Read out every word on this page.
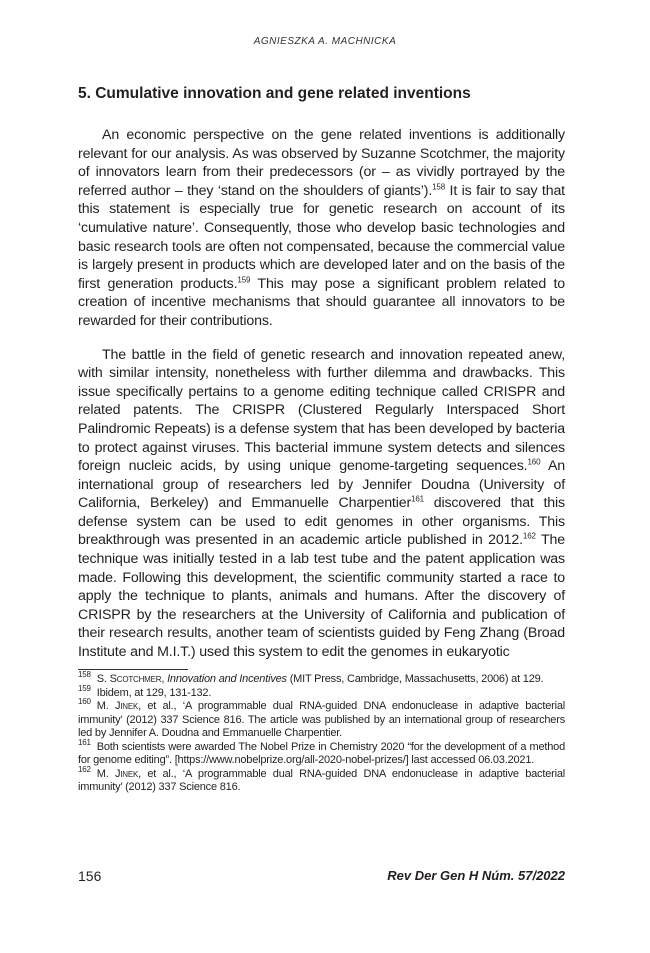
AGNIESZKA A. MACHNICKA
5. Cumulative innovation and gene related inventions

An economic perspective on the gene related inventions is additionally relevant for our analysis. As was observed by Suzanne Scotchmer, the majority of innovators learn from their predecessors (or – as vividly portrayed by the referred author – they ‘stand on the shoulders of giants’).$^{158}$ It is fair to say that this statement is especially true for genetic research on account of its ‘cumulative nature’. Consequently, those who develop basic technologies and basic research tools are often not compensated, because the commercial value is largely present in products which are developed later and on the basis of the first generation products.$^{159}$ This may pose a significant problem related to creation of incentive mechanisms that should guarantee all innovators to be rewarded for their contributions.

The battle in the field of genetic research and innovation repeated anew, with similar intensity, nonetheless with further dilemma and drawbacks. This issue specifically pertains to a genome editing technique called CRISPR and related patents. The CRISPR (Clustered Regularly Interspaced Short Palindromic Repeats) is a defense system that has been developed by bacteria to protect against viruses. This bacterial immune system detects and silences foreign nucleic acids, by using unique genome-targeting sequences.$^{160}$ An international group of researchers led by Jennifer Doudna (University of California, Berkeley) and Emmanuelle Charpentier$^{161}$ discovered that this defense system can be used to edit genomes in other organisms. This breakthrough was presented in an academic article published in 2012.$^{162}$ The technique was initially tested in a lab test tube and the patent application was made. Following this development, the scientific community started a race to apply the technique to plants, animals and humans. After the discovery of CRISPR by the researchers at the University of California and publication of their research results, another team of scientists guided by Feng Zhang (Broad Institute and M.I.T.) used this system to edit the genomes in eukaryotic

$^{158}$ S. Scotchmer, Innovation and Incentives (MIT Press, Cambridge, Massachusetts, 2006) at 129.

$^{159}$ Ibidem, at 129, 131-132.

$^{160}$ M. Jinek, et al., ‘A programmable dual RNA-guided DNA endonuclease in adaptive bacterial immunity’ (2012) 337 Science 816. The article was published by an international group of researchers led by Jennifer A. Doudna and Emmanuelle Charpentier.

$^{161}$ Both scientists were awarded The Nobel Prize in Chemistry 2020 “for the development of a method for genome editing”. [https://www.nobelprize.org/all-2020-nobel-prizes/] last accessed 06.03.2021.

$^{162}$ M. Jinek, et al., ‘A programmable dual RNA-guided DNA endonuclease in adaptive bacterial immunity’ (2012) 337 Science 816.

156	Rev Der Gen H Núm. 57/2022
